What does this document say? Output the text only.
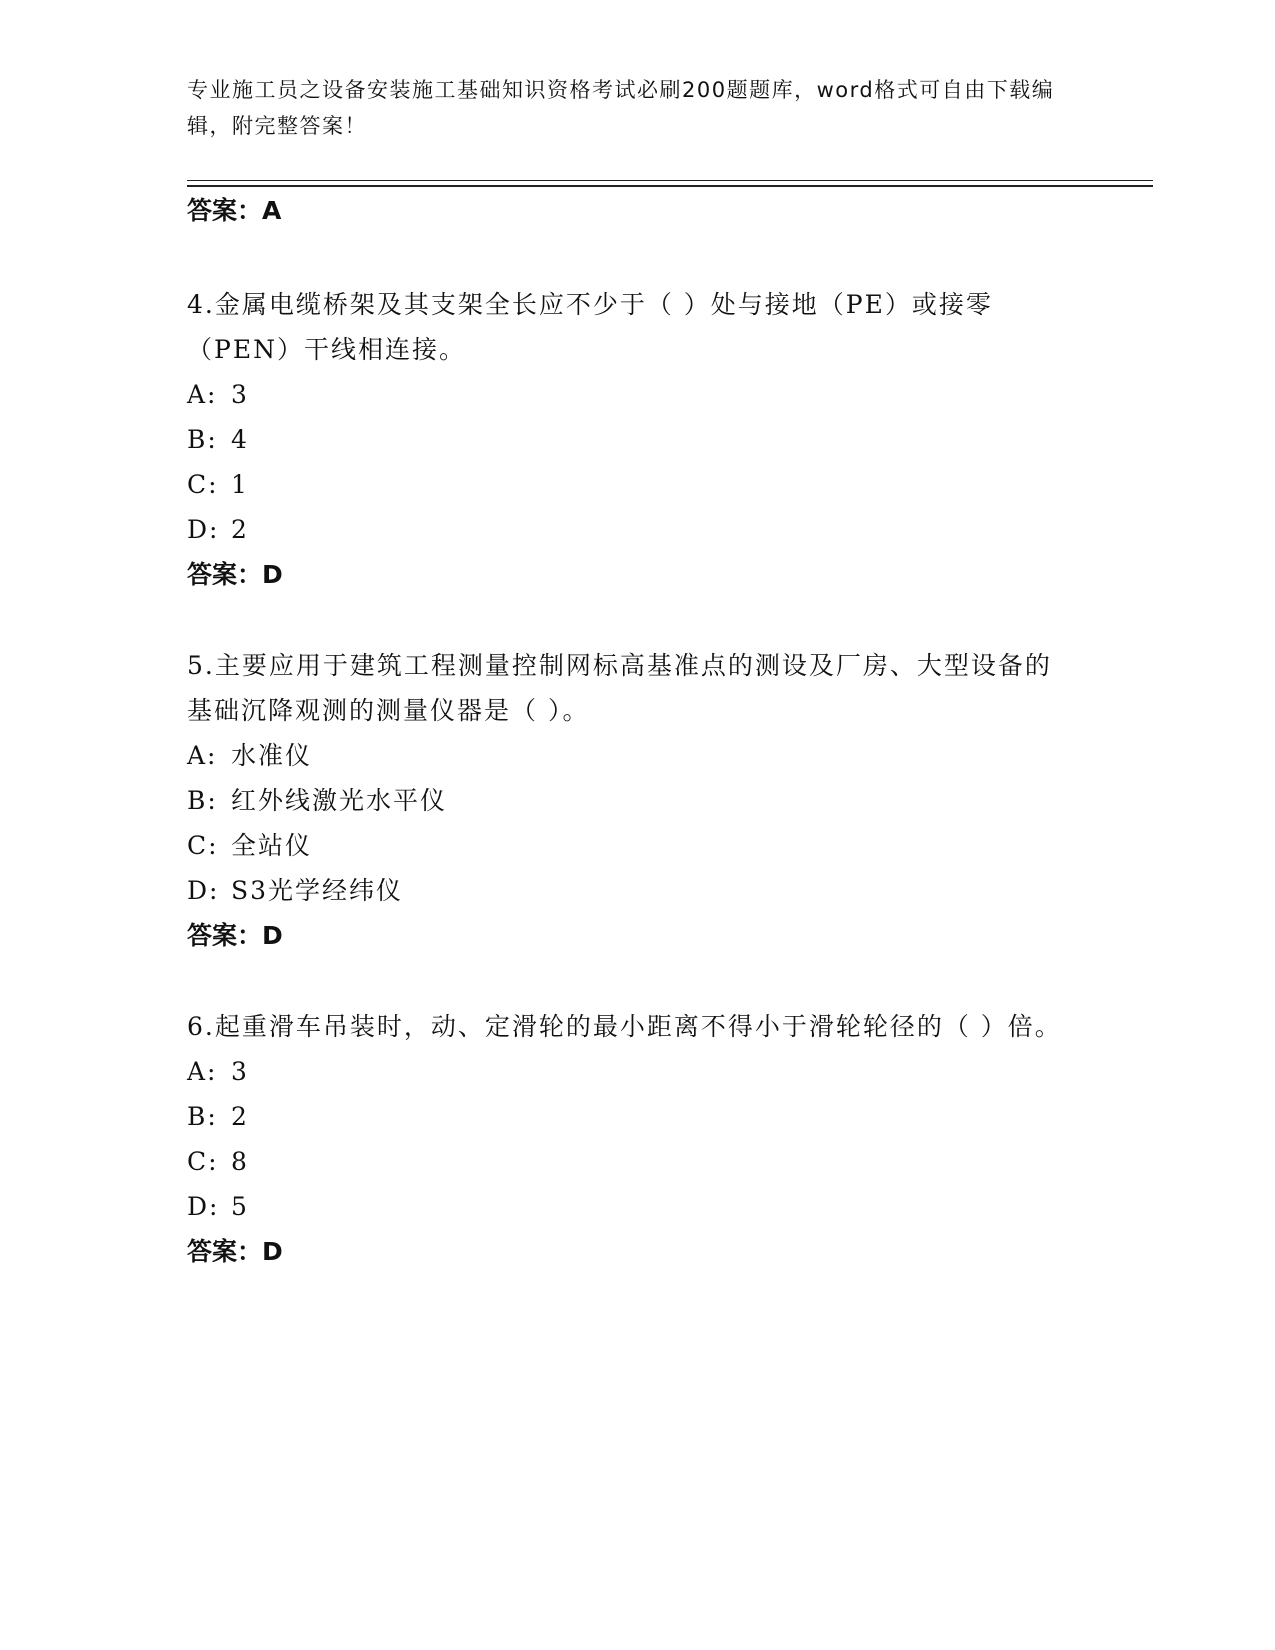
专业施工员之设备安装施工基础知识资格考试必刷200题题库，word格式可自由下载编辑，附完整答案！
答案：A
4.金属电缆桥架及其支架全长应不少于（ ）处与接地（PE）或接零（PEN）干线相连接。
A: 3
B: 4
C: 1
D: 2
答案：D
5.主要应用于建筑工程测量控制网标高基准点的测设及厂房、大型设备的基础沉降观测的测量仪器是（ ）。
A: 水准仪
B: 红外线激光水平仪
C: 全站仪
D: S3光学经纬仪
答案：D
6.起重滑车吊装时，动、定滑轮的最小距离不得小于滑轮轮径的（ ）倍。
A: 3
B: 2
C: 8
D: 5
答案：D
